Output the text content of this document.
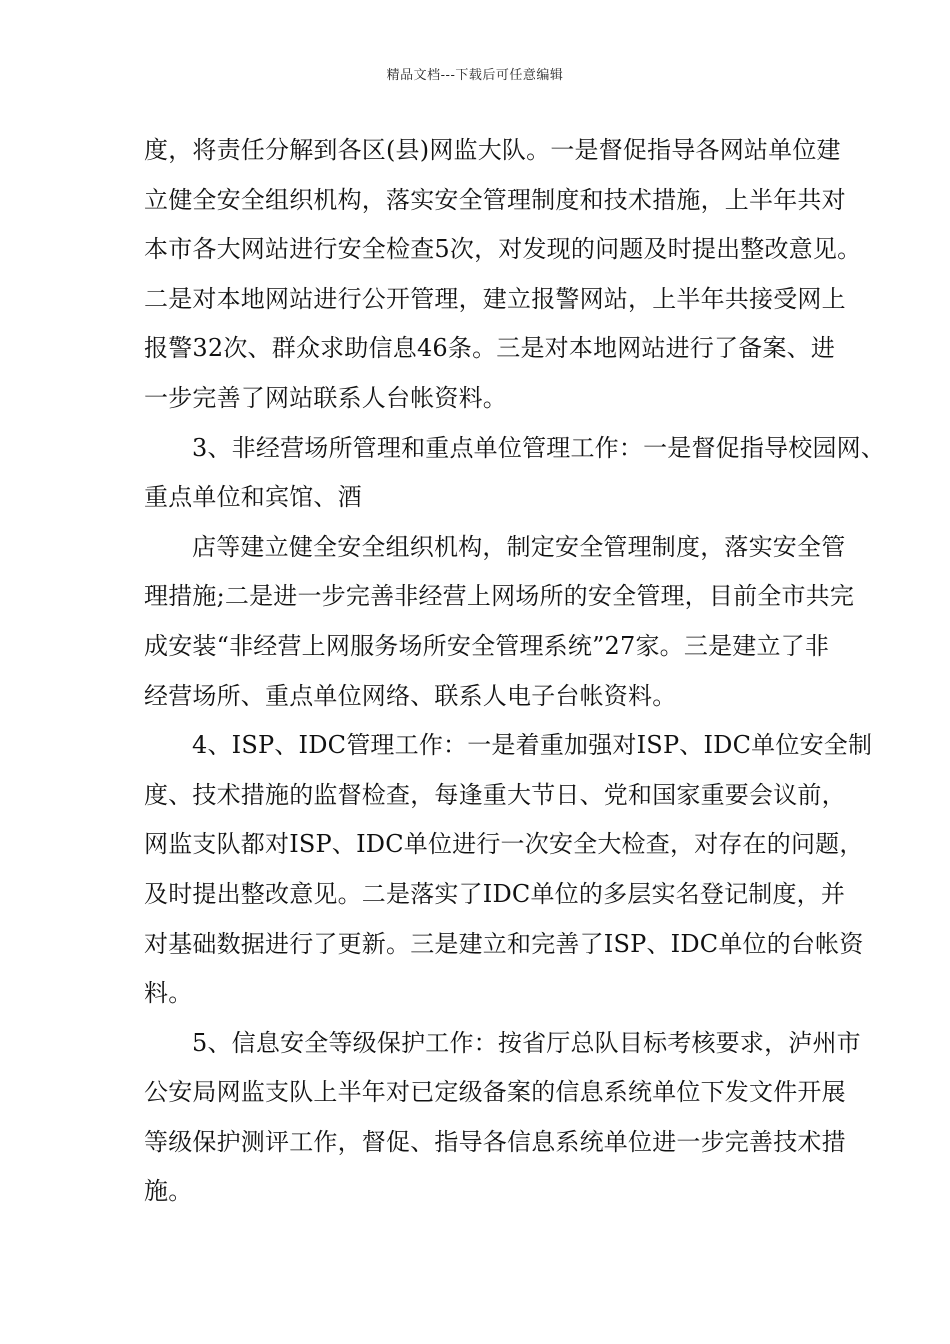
精品文档---下载后可任意编辑
度，将责任分解到各区(县)网监大队。一是督促指导各网站单位建
立健全安全组织机构，落实安全管理制度和技术措施，上半年共对
本市各大网站进行安全检查5次，对发现的问题及时提出整改意见。
二是对本地网站进行公开管理，建立报警网站，上半年共接受网上
报警32次、群众求助信息46条。三是对本地网站进行了备案、进
一步完善了网站联系人台帐资料。
3、非经营场所管理和重点单位管理工作：一是督促指导校园网、
重点单位和宾馆、酒
店等建立健全安全组织机构，制定安全管理制度，落实安全管
理措施;二是进一步完善非经营上网场所的安全管理，目前全市共完
成安装“非经营上网服务场所安全管理系统”27家。三是建立了非
经营场所、重点单位网络、联系人电子台帐资料。
4、ISP、IDC管理工作：一是着重加强对ISP、IDC单位安全制
度、技术措施的监督检查，每逢重大节日、党和国家重要会议前，
网监支队都对ISP、IDC单位进行一次安全大检查，对存在的问题，
及时提出整改意见。二是落实了IDC单位的多层实名登记制度，并
对基础数据进行了更新。三是建立和完善了ISP、IDC单位的台帐资
料。
5、信息安全等级保护工作：按省厅总队目标考核要求，泸州市
公安局网监支队上半年对已定级备案的信息系统单位下发文件开展
等级保护测评工作，督促、指导各信息系统单位进一步完善技术措
施。
